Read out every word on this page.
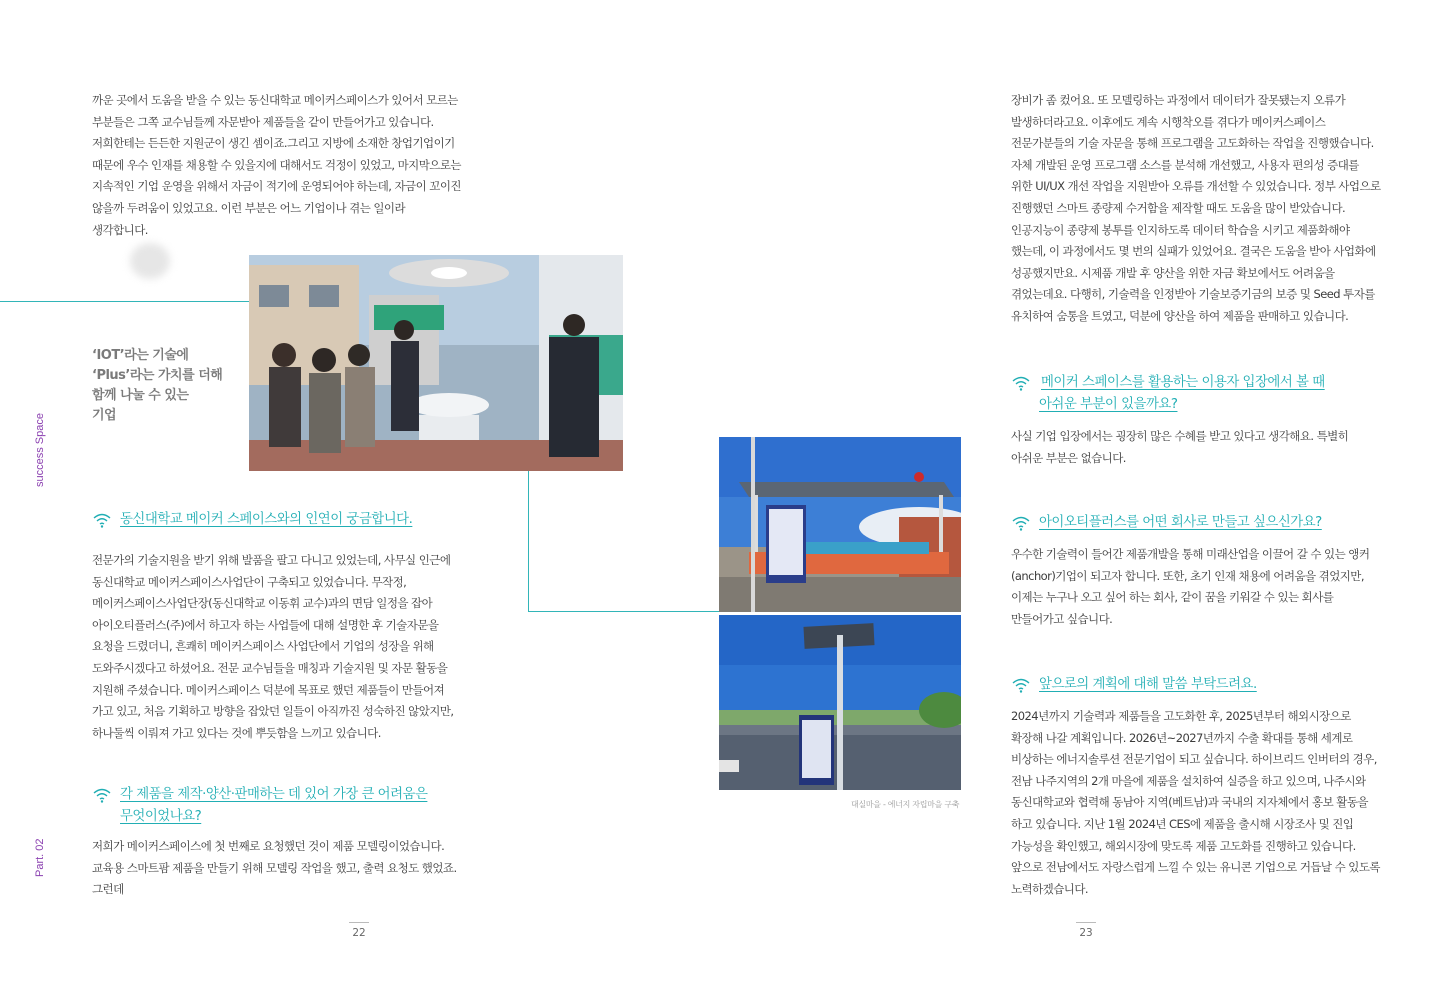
success Space
Part. 02

까운 곳에서 도움을 받을 수 있는 동신대학교 메이커스페이스가 있어서 모르는 부분들은 그쪽 교수님들께 자문받아 제품들을 같이 만들어가고 있습니다. 저희한테는 든든한 지원군이 생긴 셈이죠.그리고 지방에 소재한 창업기업이기 때문에 우수 인재를 채용할 수 있을지에 대해서도 걱정이 있었고, 마지막으로는 지속적인 기업 운영을 위해서 자금이 적기에 운영되어야 하는데, 자금이 꼬이진 않을까 두려움이 있었고요. 이런 부분은 어느 기업이나 겪는 일이라 생각합니다.

‘IOT’라는 기술에

‘Plus’라는 가치를 더해

함께 나눌 수 있는

기업

동신대학교 메이커 스페이스와의 인연이 궁금합니다.

전문가의 기술지원을 받기 위해 발품을 팔고 다니고 있었는데, 사무실 인근에 동신대학교 메이커스페이스사업단이 구축되고 있었습니다. 무작정, 메이커스페이스사업단장(동신대학교 이동휘 교수)과의 면담 일정을 잡아 아이오티플러스(주)에서 하고자 하는 사업들에 대해 설명한 후 기술자문을 요청을 드렸더니, 흔쾌히 메이커스페이스 사업단에서 기업의 성장을 위해 도와주시겠다고 하셨어요. 전문 교수님들을 매칭과 기술지원 및 자문 활동을 지원해 주셨습니다. 메이커스페이스 덕분에 목표로 했던 제품들이 만들어져 가고 있고, 처음 기획하고 방향을 잡았던 일들이 아직까진 성숙하진 않았지만, 하나둘씩 이뤄져 가고 있다는 것에 뿌듯함을 느끼고 있습니다.

각 제품을 제작·양산·판매하는 데 있어 가장 큰 어려움은
무엇이었나요?

저희가 메이커스페이스에 첫 번째로 요청했던 것이 제품 모델링이었습니다. 교육용 스마트팜 제품을 만들기 위해 모델링 작업을 했고, 출력 요청도 했었죠. 그런데

대실마을 - 에너지 자립마을 구축

장비가 좀 컸어요. 또 모델링하는 과정에서 데이터가 잘못됐는지 오류가 발생하더라고요. 이후에도 계속 시행착오를 겪다가 메이커스페이스 전문가분들의 기술 자문을 통해 프로그램을 고도화하는 작업을 진행했습니다. 자체 개발된 운영 프로그램 소스를 분석해 개선했고, 사용자 편의성 증대를 위한 UI/UX 개선 작업을 지원받아 오류를 개선할 수 있었습니다. 정부 사업으로 진행했던 스마트 종량제 수거함을 제작할 때도 도움을 많이 받았습니다. 인공지능이 종량제 봉투를 인지하도록 데이터 학습을 시키고 제품화해야 했는데, 이 과정에서도 몇 번의 실패가 있었어요. 결국은 도움을 받아 사업화에 성공했지만요. 시제품 개발 후 양산을 위한 자금 확보에서도 어려움을 겪었는데요. 다행히, 기술력을 인정받아 기술보증기금의 보증 및 Seed 투자를 유치하여 숨통을 트였고, 덕분에 양산을 하여 제품을 판매하고 있습니다.

메이커 스페이스를 활용하는 이용자 입장에서 볼 때
아쉬운 부분이 있을까요?

사실 기업 입장에서는 굉장히 많은 수혜를 받고 있다고 생각해요. 특별히 아쉬운 부분은 없습니다.

아이오티플러스를 어떤 회사로 만들고 싶으신가요?

우수한 기술력이 들어간 제품개발을 통해 미래산업을 이끌어 갈 수 있는 앵커(anchor)기업이 되고자 합니다. 또한, 초기 인재 채용에 어려움을 겪었지만, 이제는 누구나 오고 싶어 하는 회사, 같이 꿈을 키워갈 수 있는 회사를 만들어가고 싶습니다.

앞으로의 계획에 대해 말씀 부탁드려요.

2024년까지 기술력과 제품들을 고도화한 후, 2025년부터 해외시장으로 확장해 나갈 계획입니다. 2026년~2027년까지 수출 확대를 통해 세계로 비상하는 에너지솔루션 전문기업이 되고 싶습니다. 하이브리드 인버터의 경우, 전남 나주지역의 2개 마을에 제품을 설치하여 실증을 하고 있으며, 나주시와 동신대학교와 협력해 동남아 지역(베트남)과 국내의 지자체에서 홍보 활동을 하고 있습니다. 지난 1월 2024년 CES에 제품을 출시해 시장조사 및 진입 가능성을 확인했고, 해외시장에 맞도록 제품 고도화를 진행하고 있습니다. 앞으로 전남에서도 자랑스럽게 느낄 수 있는 유니콘 기업으로 거듭날 수 있도록 노력하겠습니다.

22	23
